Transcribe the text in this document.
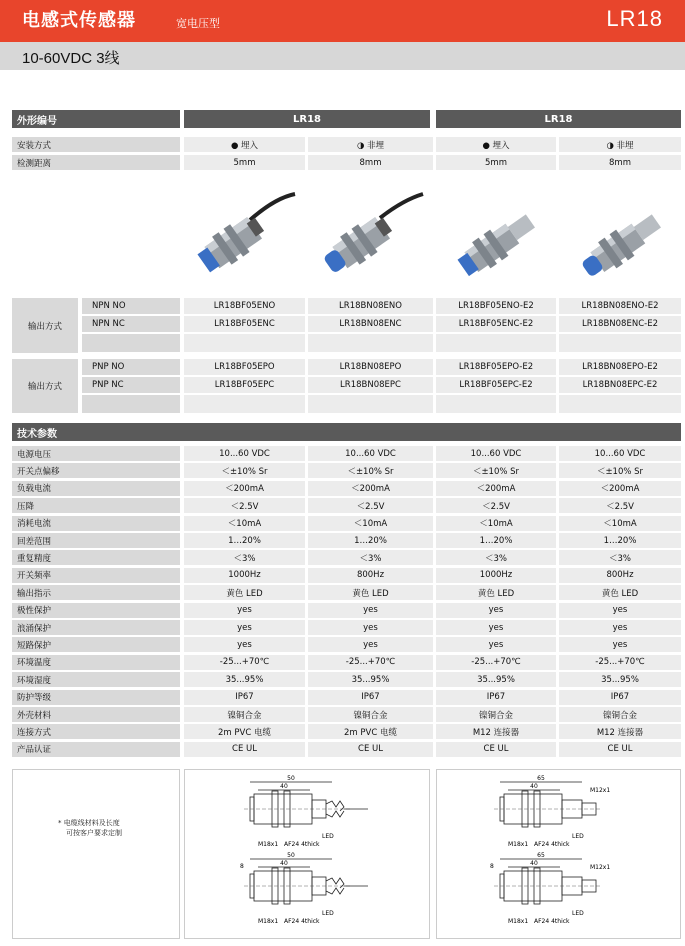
电感式传感器	宽电压型	LR18
10-60VDC 3线
外形编号	LR18	LR18
安装方式	● 埋入	◑ 非埋	● 埋入	◑ 非埋
检测距离	5mm	8mm	5mm	8mm
输出方式
NPN NO	LR18BF05ENO	LR18BN08ENO	LR18BF05ENO-E2	LR18BN08ENO-E2
NPN NC	LR18BF05ENC	LR18BN08ENC	LR18BF05ENC-E2	LR18BN08ENC-E2
输出方式
PNP NO	LR18BF05EPO	LR18BN08EPO	LR18BF05EPO-E2	LR18BN08EPO-E2
PNP NC	LR18BF05EPC	LR18BN08EPC	LR18BF05EPC-E2	LR18BN08EPC-E2
技术参数
电源电压	10...60 VDC	10...60 VDC	10...60 VDC	10...60 VDC
开关点偏移	＜±10% Sr	＜±10% Sr	＜±10% Sr	＜±10% Sr
负载电流	＜200mA	＜200mA	＜200mA	＜200mA
压降	＜2.5V	＜2.5V	＜2.5V	＜2.5V
消耗电流	＜10mA	＜10mA	＜10mA	＜10mA
回差范围	1…20%	1…20%	1…20%	1…20%
重复精度	＜3%	＜3%	＜3%	＜3%
开关频率	1000Hz	800Hz	1000Hz	800Hz
输出指示	黄色 LED	黄色 LED	黄色 LED	黄色 LED
极性保护	yes	yes	yes	yes
浪涌保护	yes	yes	yes	yes
短路保护	yes	yes	yes	yes
环境温度	-25...+70℃	-25...+70℃	-25...+70℃	-25...+70℃
环境湿度	35...95%	35...95%	35...95%	35...95%
防护等级	IP67	IP67	IP67	IP67
外壳材料	镍铜合金	镍铜合金	镍铜合金	镍铜合金
连接方式	2m PVC 电缆	2m PVC 电缆	M12 连接器	M12 连接器
产品认证	CE UL	CE UL	CE UL	CE UL
* 电缆线材料及长度
可按客户要求定制
50
40
LED
M18x1 AF24 4thick
50
40
LED
M18x1 AF24 4thick
8
65
40
M12x1
LED
M18x1 AF24 4thick
65
40
M12x1
LED
M18x1 AF24 4thick
8
